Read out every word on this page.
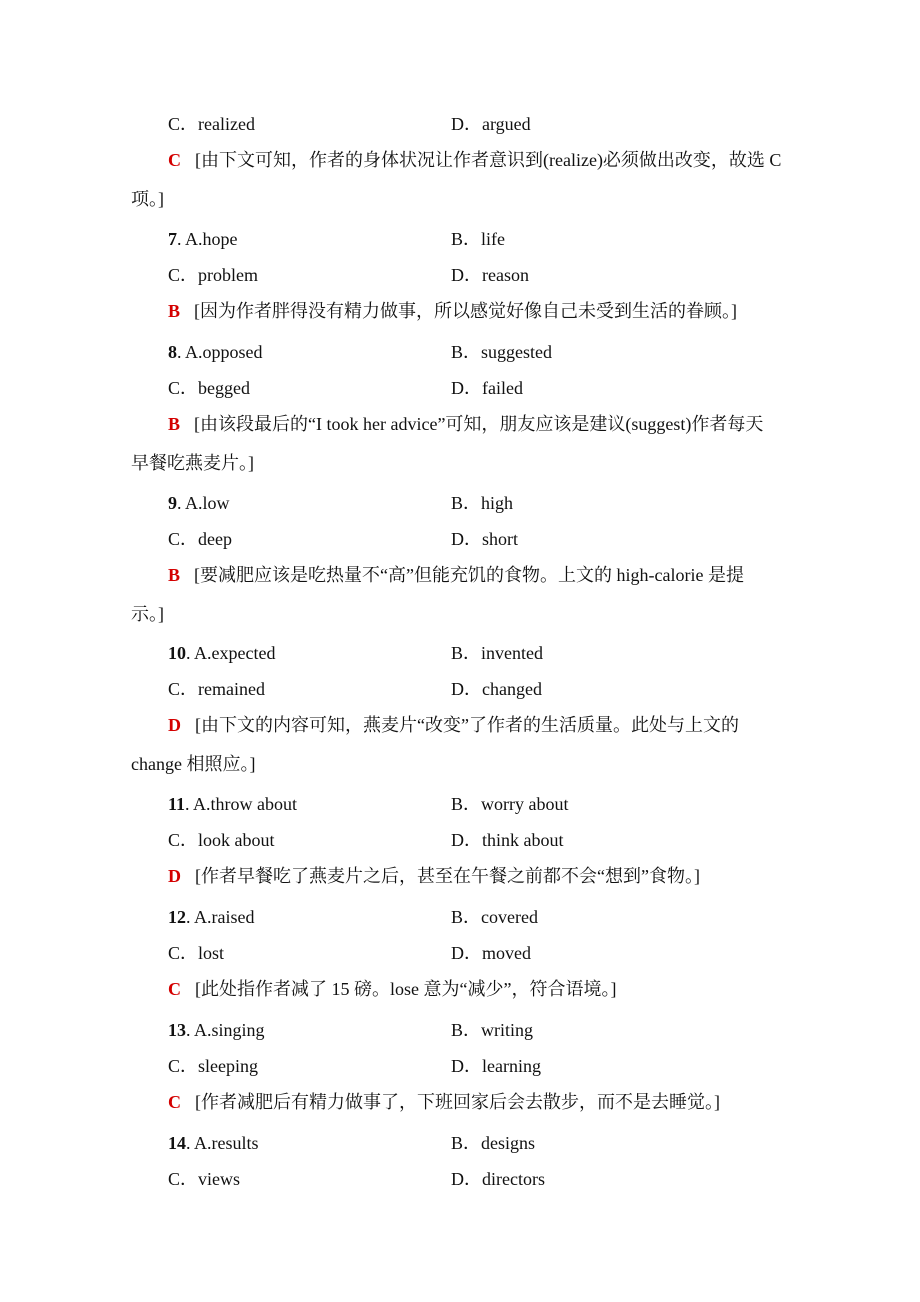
C．realized	D．argued
C [由下文可知，作者的身体状况让作者意识到(realize)必须做出改变，故选 C
项。]
7. A.hope	B．life
C．problem	D．reason
B [因为作者胖得没有精力做事，所以感觉好像自己未受到生活的眷顾。]
8. A.opposed	B．suggested
C．begged	D．failed
B [由该段最后的“I took her advice”可知，朋友应该是建议(suggest)作者每天
早餐吃燕麦片。]
9. A.low	B．high
C．deep	D．short
B [要减肥应该是吃热量不“高”但能充饥的食物。上文的 high-calorie 是提
示。]
10. A.expected	B．invented
C．remained	D．changed
D [由下文的内容可知，燕麦片“改变”了作者的生活质量。此处与上文的
change 相照应。]
11. A.throw about	B．worry about
C．look about	D．think about
D [作者早餐吃了燕麦片之后，甚至在午餐之前都不会“想到”食物。]
12. A.raised	B．covered
C．lost	D．moved
C [此处指作者减了 15 磅。lose 意为“减少”，符合语境。]
13. A.singing	B．writing
C．sleeping	D．learning
C [作者减肥后有精力做事了，下班回家后会去散步，而不是去睡觉。]
14. A.results	B．designs
C．views	D．directors
